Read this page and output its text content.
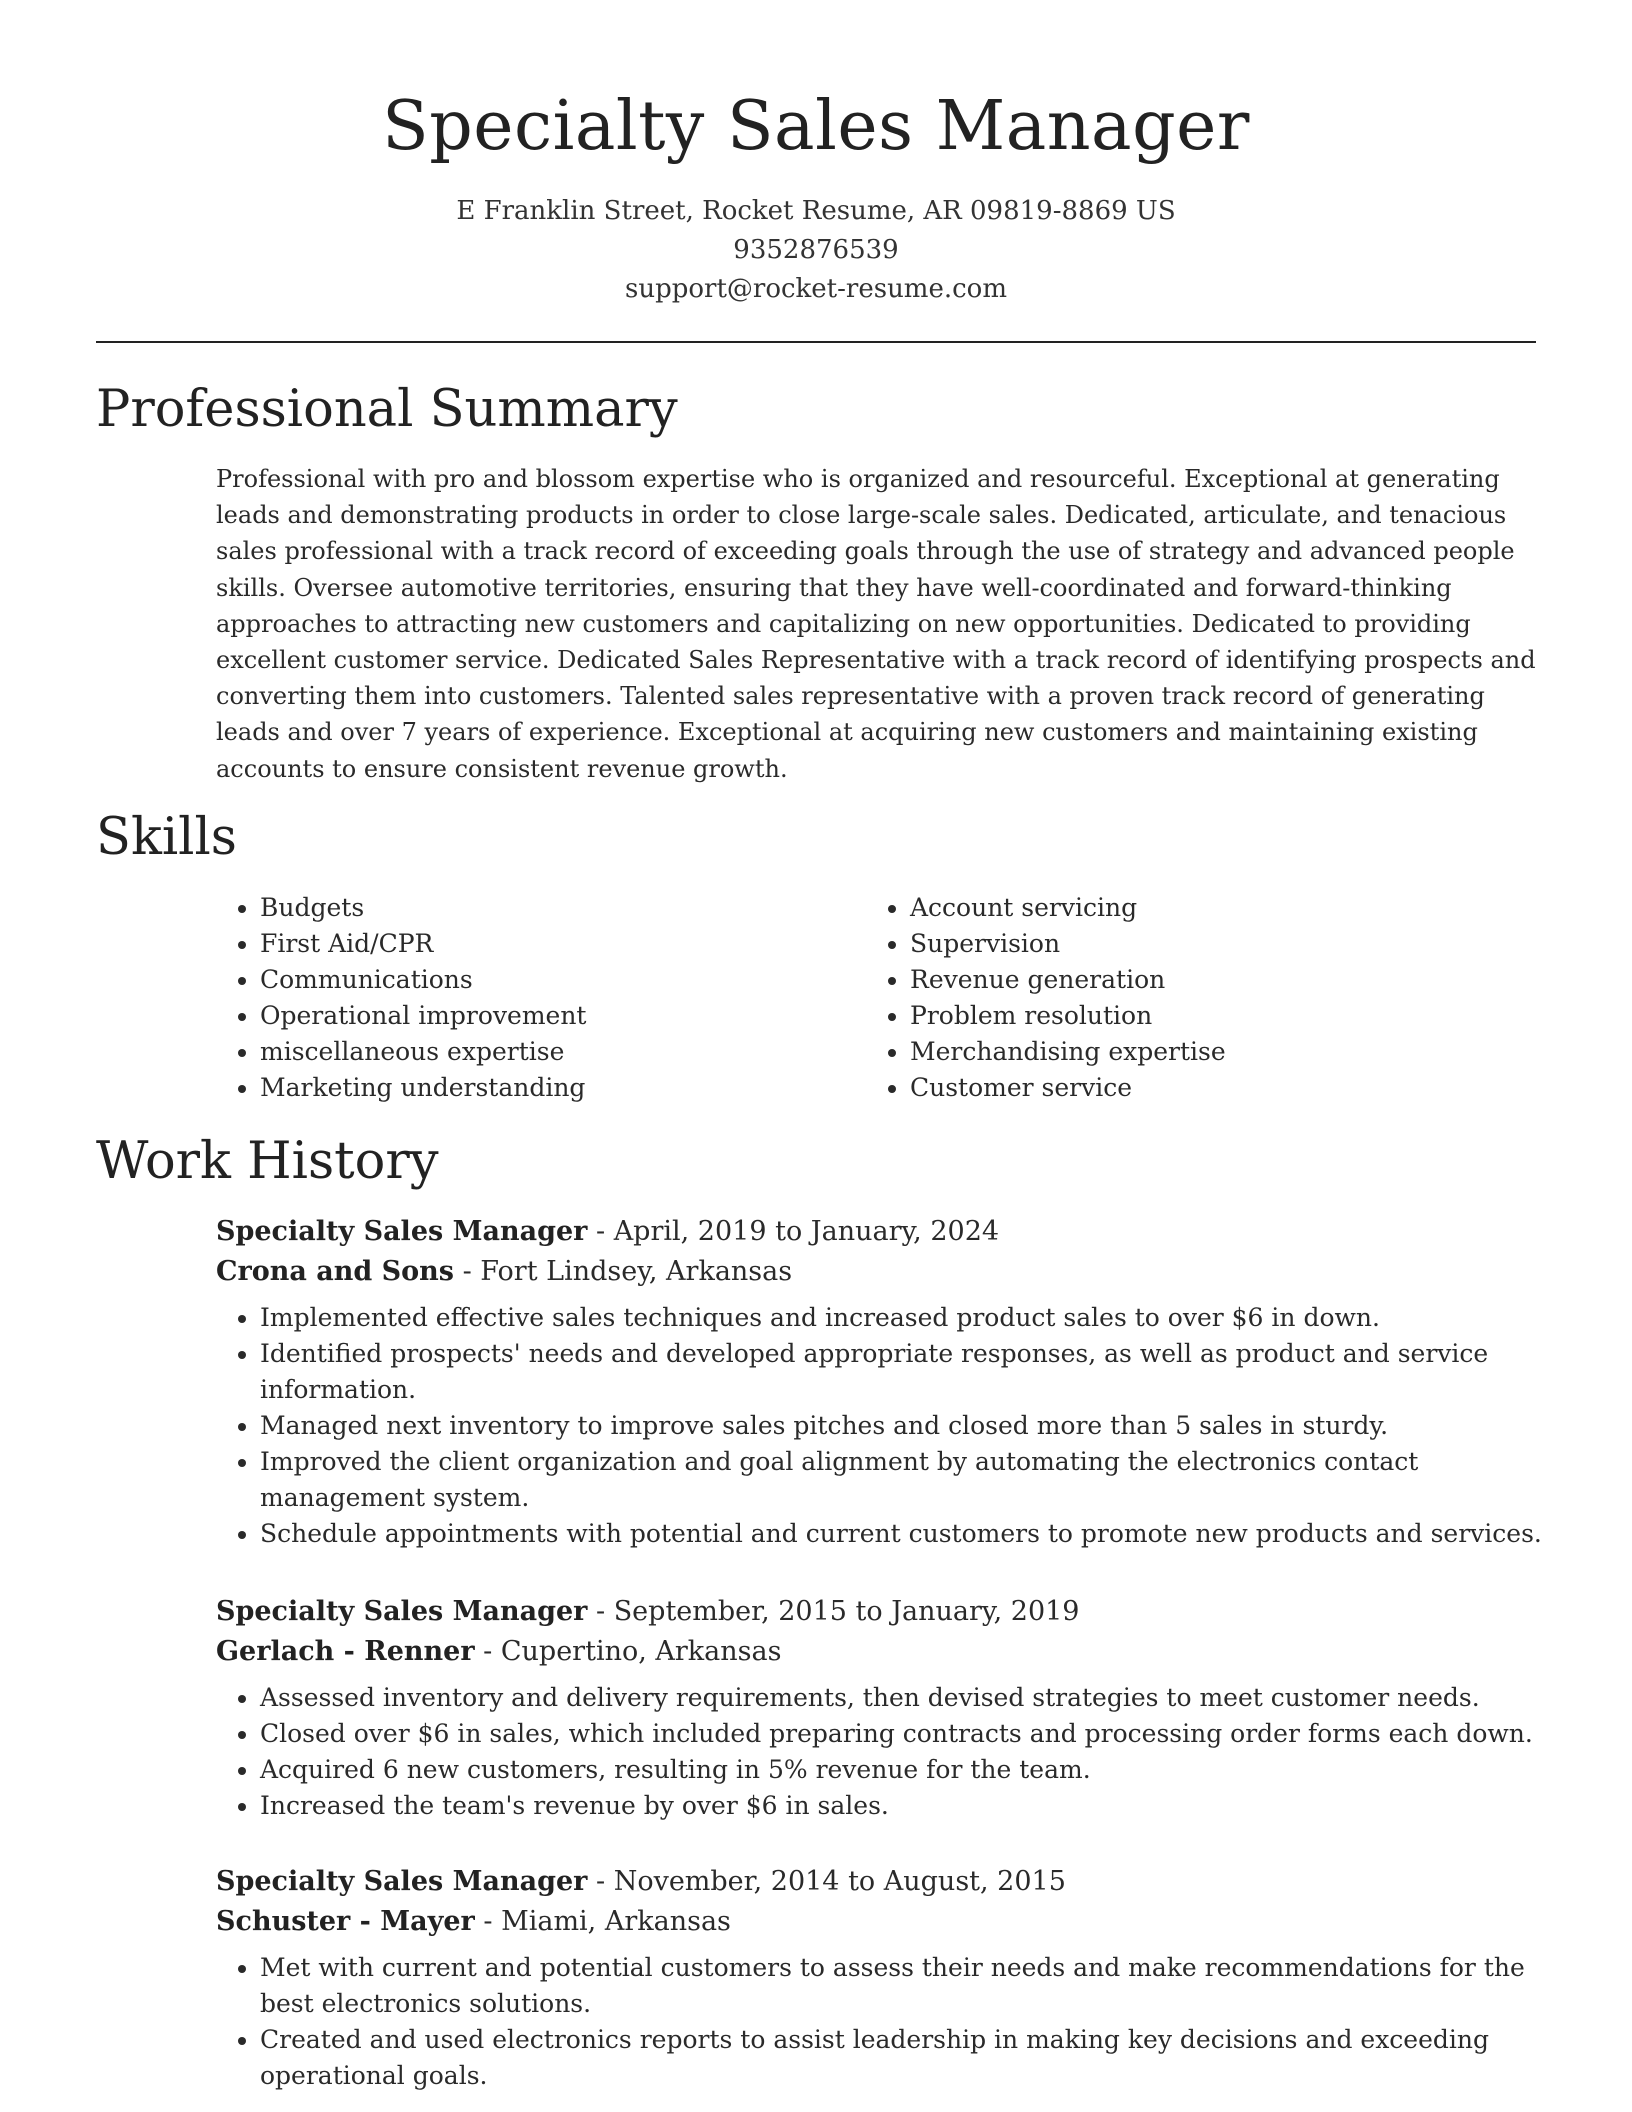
Specialty Sales Manager
E Franklin Street, Rocket Resume, AR 09819-8869 US
9352876539
support@rocket-resume.com
Professional Summary

Professional with pro and blossom expertise who is organized and resourceful. Exceptional at generating leads and demonstrating products in order to close large-scale sales. Dedicated, articulate, and tenacious sales professional with a track record of exceeding goals through the use of strategy and advanced people skills. Oversee automotive territories, ensuring that they have well-coordinated and forward-thinking approaches to attracting new customers and capitalizing on new opportunities. Dedicated to providing excellent customer service. Dedicated Sales Representative with a track record of identifying prospects and converting them into customers. Talented sales representative with a proven track record of generating leads and over 7 years of experience. Exceptional at acquiring new customers and maintaining existing accounts to ensure consistent revenue growth.

Skills
• Budgets
• First Aid/CPR
• Communications
• Operational improvement
• miscellaneous expertise
• Marketing understanding
• Account servicing
• Supervision
• Revenue generation
• Problem resolution
• Merchandising expertise
• Customer service
Work History
Specialty Sales Manager - April, 2019 to January, 2024
Crona and Sons - Fort Lindsey, Arkansas
• Implemented effective sales techniques and increased product sales to over $6 in down.
• Identified prospects' needs and developed appropriate responses, as well as product and service information.
• Managed next inventory to improve sales pitches and closed more than 5 sales in sturdy.
• Improved the client organization and goal alignment by automating the electronics contact management system.
• Schedule appointments with potential and current customers to promote new products and services.
Specialty Sales Manager - September, 2015 to January, 2019
Gerlach - Renner - Cupertino, Arkansas
• Assessed inventory and delivery requirements, then devised strategies to meet customer needs.
• Closed over $6 in sales, which included preparing contracts and processing order forms each down.
• Acquired 6 new customers, resulting in 5% revenue for the team.
• Increased the team's revenue by over $6 in sales.
Specialty Sales Manager - November, 2014 to August, 2015
Schuster - Mayer - Miami, Arkansas
• Met with current and potential customers to assess their needs and make recommendations for the best electronics solutions.
• Created and used electronics reports to assist leadership in making key decisions and exceeding operational goals.
